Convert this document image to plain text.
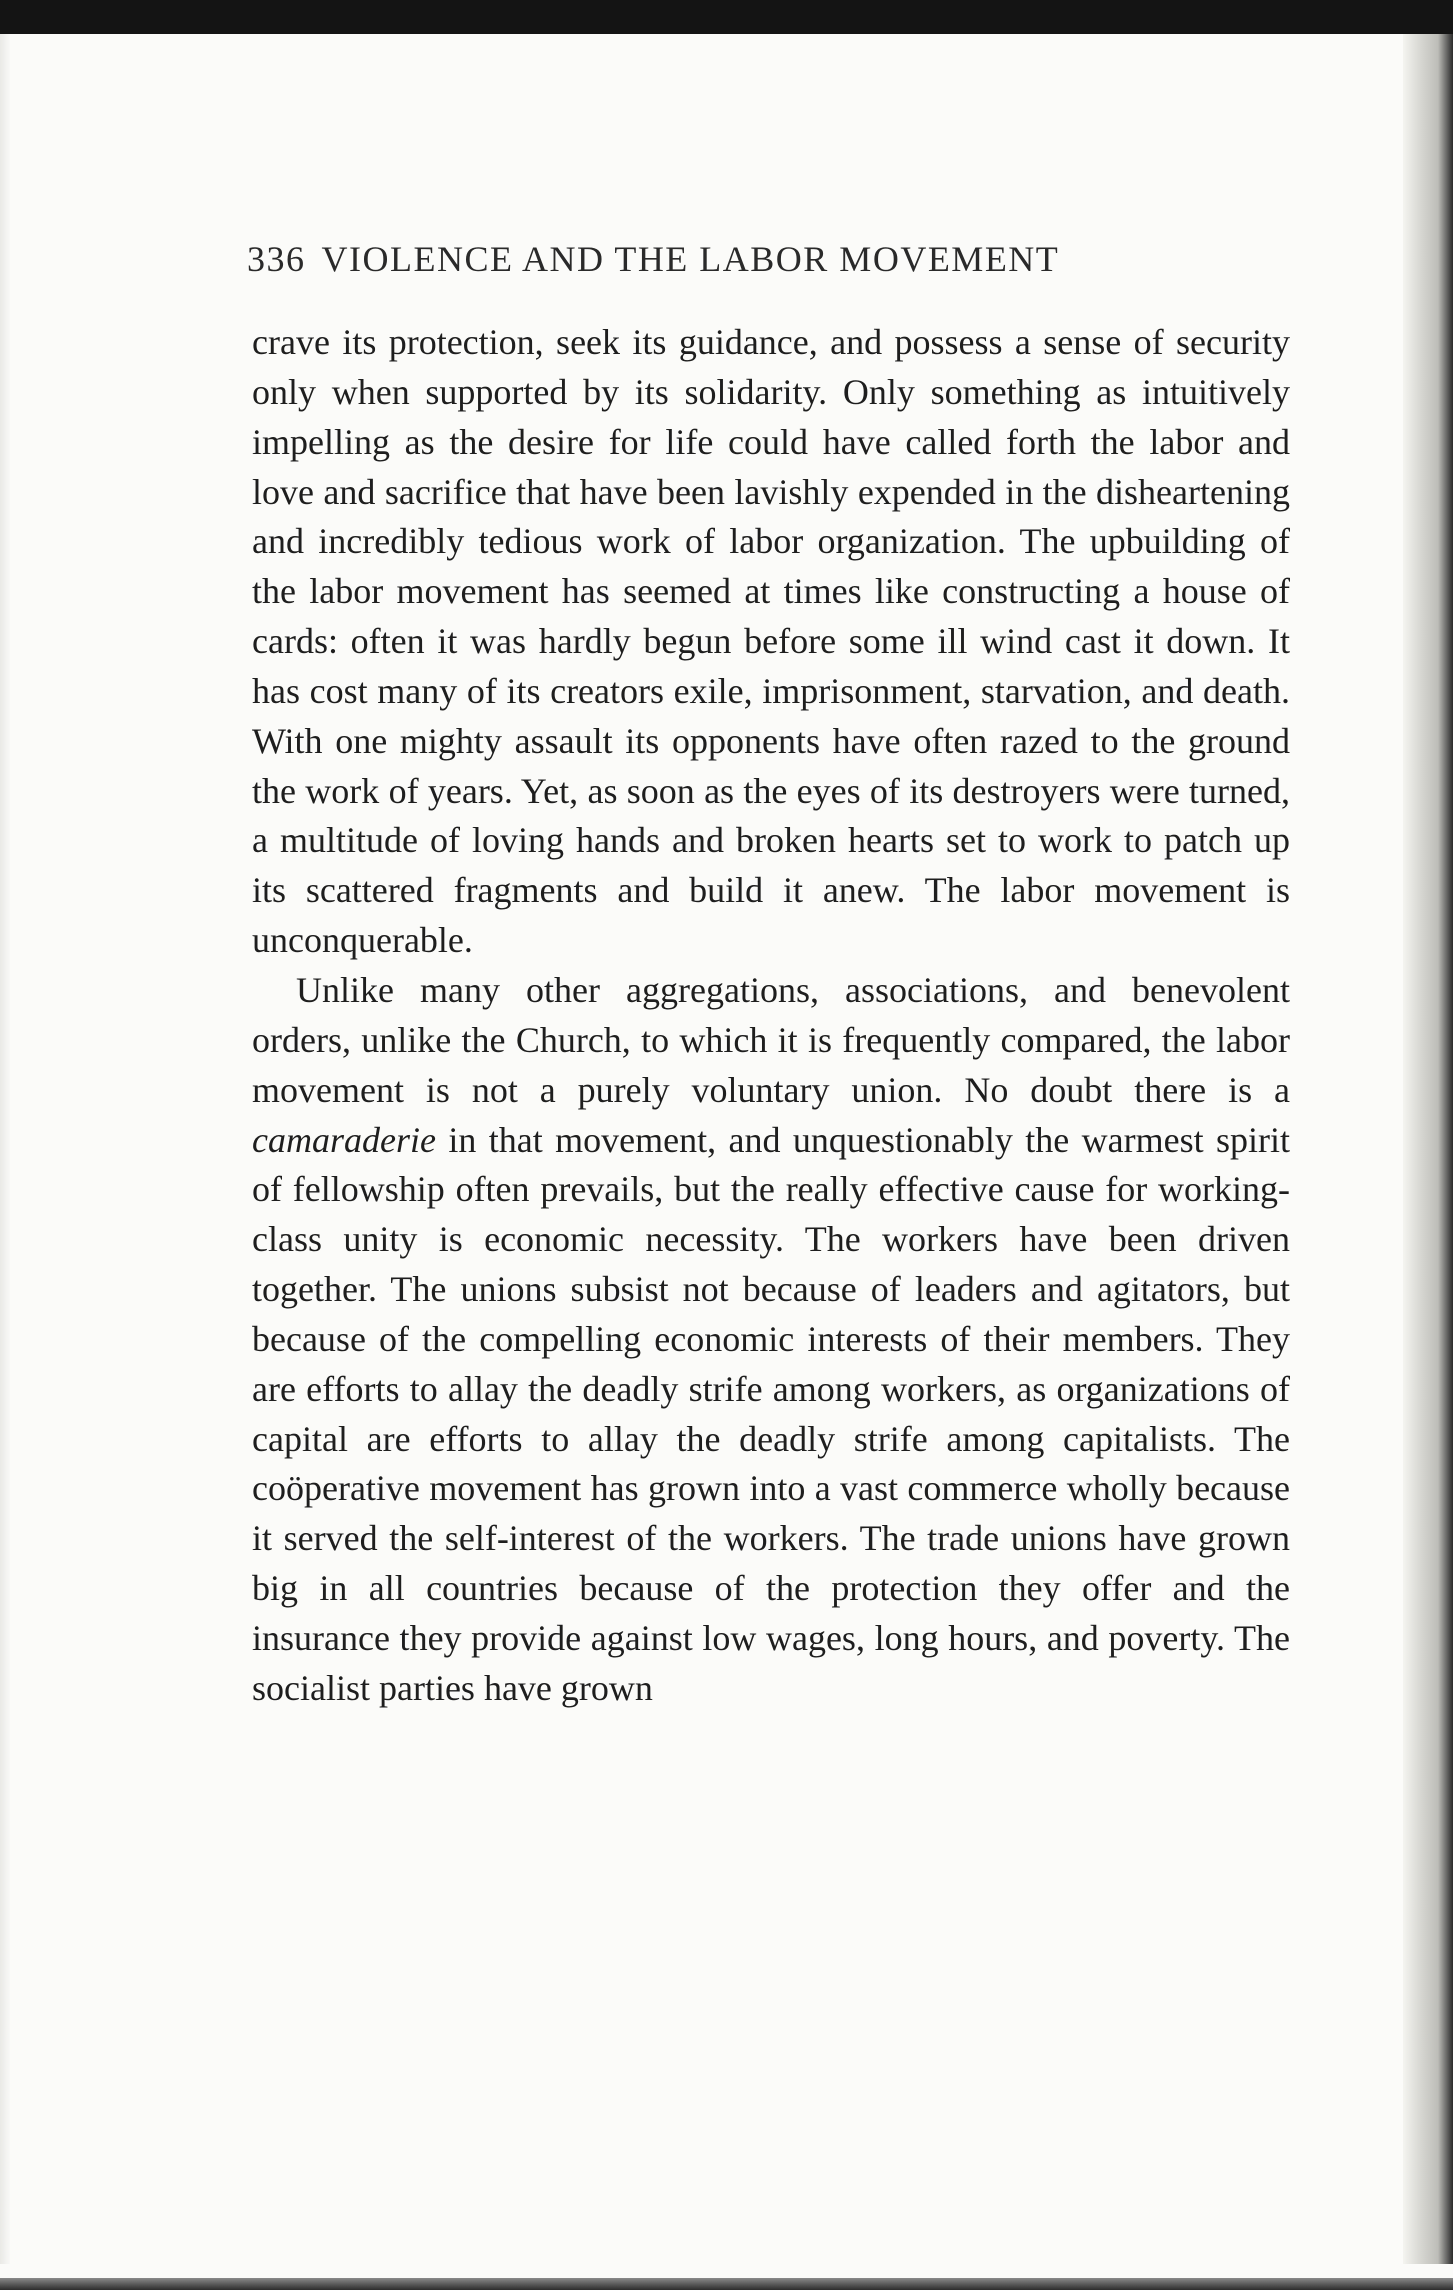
336 VIOLENCE AND THE LABOR MOVEMENT

crave its protection, seek its guidance, and possess a sense of security only when supported by its solidarity. Only something as intuitively impelling as the desire for life could have called forth the labor and love and sacrifice that have been lavishly expended in the disheartening and incredibly tedious work of labor organization. The upbuilding of the labor movement has seemed at times like constructing a house of cards: often it was hardly begun before some ill wind cast it down. It has cost many of its creators exile, imprisonment, starvation, and death. With one mighty assault its opponents have often razed to the ground the work of years. Yet, as soon as the eyes of its destroyers were turned, a multitude of loving hands and broken hearts set to work to patch up its scattered fragments and build it anew. The labor movement is unconquerable.

Unlike many other aggregations, associations, and benevolent orders, unlike the Church, to which it is frequently compared, the labor movement is not a purely voluntary union. No doubt there is a camaraderie in that movement, and unquestionably the warmest spirit of fellowship often prevails, but the really effective cause for working-class unity is economic necessity. The workers have been driven together. The unions subsist not because of leaders and agitators, but because of the compelling economic interests of their members. They are efforts to allay the deadly strife among workers, as organizations of capital are efforts to allay the deadly strife among capitalists. The coöperative movement has grown into a vast commerce wholly because it served the self-interest of the workers. The trade unions have grown big in all countries because of the protection they offer and the insurance they provide against low wages, long hours, and poverty. The socialist parties have grown
